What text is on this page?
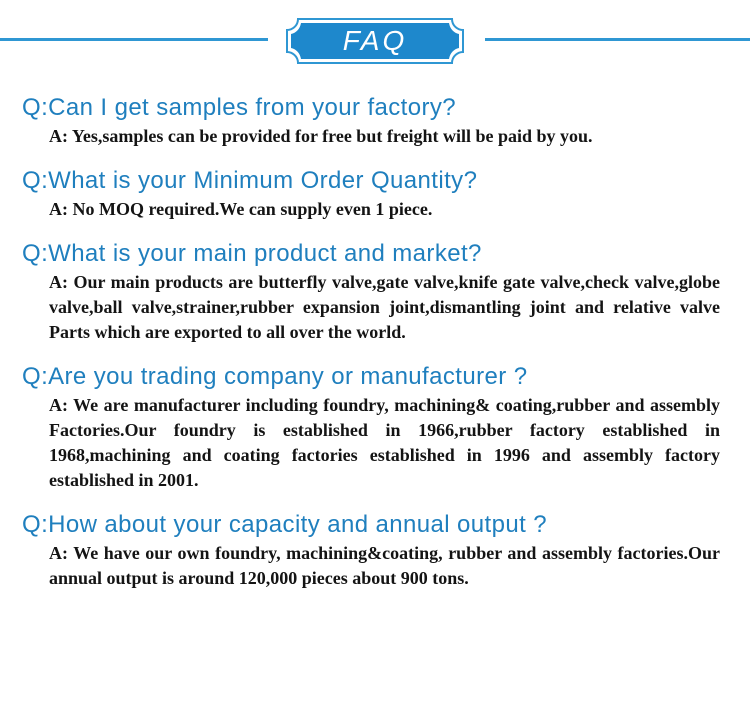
FAQ
Q:Can I get samples from your factory?
A: Yes,samples can be provided for free but freight will be paid by you.
Q:What is your Minimum Order Quantity?
A: No MOQ required.We can supply even 1 piece.
Q:What is your main product and market?
A: Our main products are butterfly valve,gate valve,knife gate valve,check valve,globe valve,ball valve,strainer,rubber expansion joint,dismantling joint and relative valve Parts which are exported to all over the world.
Q:Are you trading company or manufacturer ?
A: We are manufacturer including foundry, machining& coating,rubber and assembly Factories.Our foundry is established in 1966,rubber factory established in 1968,machining and coating factories established in 1996 and assembly factory established in 2001.
Q:How about your capacity and annual output ?
A: We have our own foundry, machining&coating, rubber and assembly factories.Our annual output is around 120,000 pieces about 900 tons.
